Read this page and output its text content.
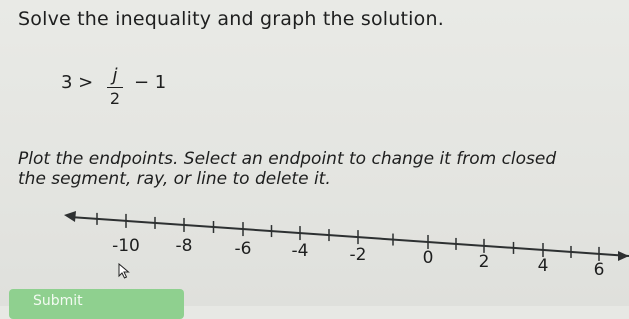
Solve the inequality and graph the solution.
3 >	j
2
− 1
Plot the endpoints. Select an endpoint to change it from closed
the segment, ray, or line to delete it.
-10 -8 -6 -4 -2	0	2	4	6
Submit
